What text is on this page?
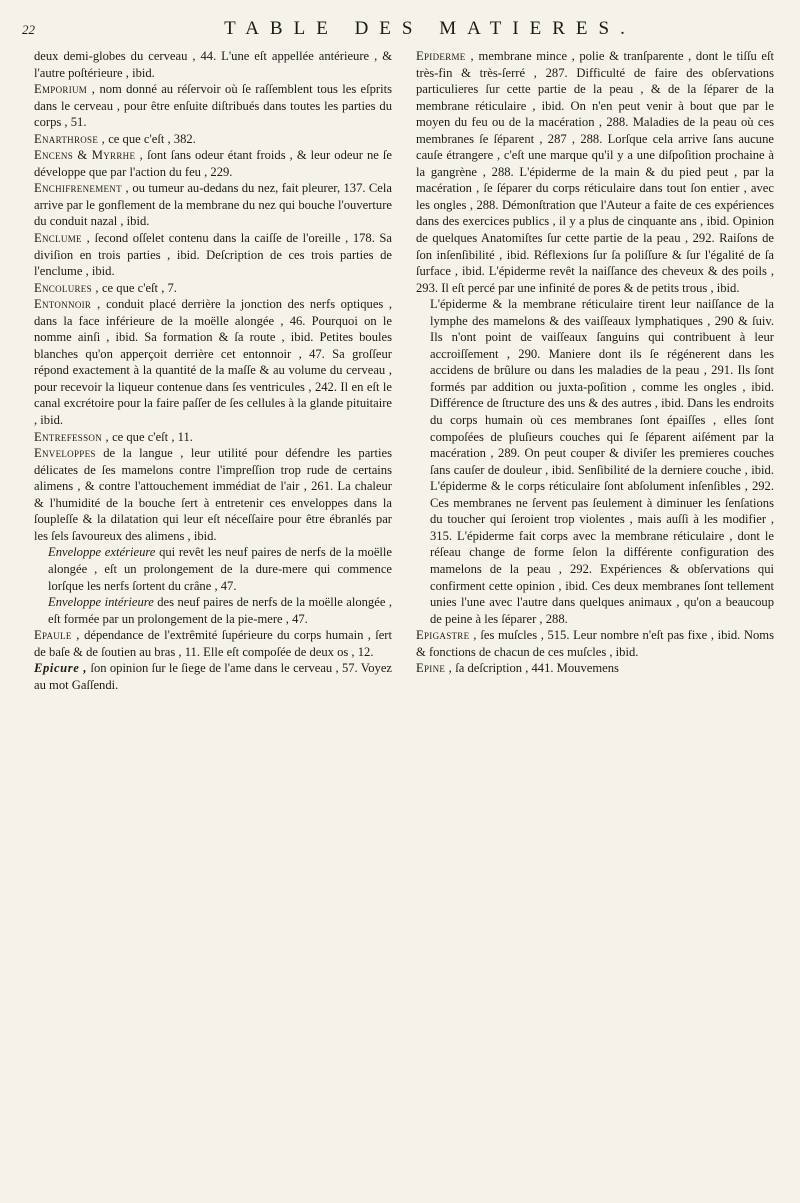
22	TABLE DES MATIERES.

deux demi-globes du cerveau , 44. L'une eſt appellée antérieure , & l'autre poſtérieure , ibid.

Emporium , nom donné au réſervoir où ſe raſſemblent tous les eſprits dans le cerveau , pour être enſuite diſtribués dans toutes les parties du corps , 51.

Enarthrose , ce que c'eſt , 382.

Encens & Myrrhe , ſont ſans odeur étant froids , & leur odeur ne ſe développe que par l'action du feu , 229.

Enchifrenement , ou tumeur au-dedans du nez, fait pleurer, 137. Cela arrive par le gonflement de la membrane du nez qui bouche l'ouverture du conduit nazal , ibid.

Enclume , ſecond oſſelet contenu dans la caiſſe de l'oreille , 178. Sa diviſion en trois parties , ibid. Deſcription de ces trois parties de l'enclume , ibid.

Encolures , ce que c'eſt , 7.

Entonnoir , conduit placé derrière la jonction des nerfs optiques , dans la face inférieure de la moëlle alongée , 46. Pourquoi on le nomme ainſi , ibid. Sa formation & ſa route , ibid. Petites boules blanches qu'on apperçoit derrière cet entonnoir , 47. Sa groſſeur répond exactement à la quantité de la maſſe & au volume du cerveau , pour recevoir la liqueur contenue dans ſes ventricules , 242. Il en eſt le canal excrétoire pour la faire paſſer de ſes cellules à la glande pituitaire , ibid.

Entrefesson , ce que c'eſt , 11.

Enveloppes de la langue , leur utilité pour défendre les parties délicates de ſes mamelons contre l'impreſſion trop rude de certains alimens , & contre l'attouchement immédiat de l'air , 261. La chaleur & l'humidité de la bouche ſert à entretenir ces enveloppes dans la ſoupleſſe & la dilatation qui leur eſt néceſſaire pour être ébranlés par les ſels ſavoureux des alimens , ibid.

Enveloppe extérieure qui revêt les neuf paires de nerfs de la moëlle alongée , eſt un prolongement de la dure-mere qui commence lorſque les nerfs ſortent du crâne , 47.

Enveloppe intérieure des neuf paires de nerfs de la moëlle alongée , eſt formée par un prolongement de la pie-mere , 47.

Epaule , dépendance de l'extrêmité ſupérieure du corps humain , ſert de baſe & de ſoutien au bras , 11. Elle eſt compoſée de deux os , 12.

Epicure , ſon opinion ſur le ſiege de l'ame dans le cerveau , 57. Voyez au mot Gaſſendi.

Epiderme , membrane mince , polie & tranſparente , dont le tiſſu eſt très-fin & très-ſerré , 287. Difficulté de faire des obſervations particulieres ſur cette partie de la peau , & de la ſéparer de la membrane réticulaire , ibid. On n'en peut venir à bout que par le moyen du feu ou de la macération , 288. Maladies de la peau où ces membranes ſe ſéparent , 287 , 288. Lorſque cela arrive ſans aucune cauſe étrangere , c'eſt une marque qu'il y a une diſpoſition prochaine à la gangrène , 288. L'épiderme de la main & du pied peut , par la macération , ſe ſéparer du corps réticulaire dans tout ſon entier , avec les ongles , 288. Démonſtration que l'Auteur a faite de ces expériences dans des exercices publics , il y a plus de cinquante ans , ibid. Opinion de quelques Anatomiſtes ſur cette partie de la peau , 292. Raiſons de ſon inſenſibilité , ibid. Réflexions ſur ſa poliſſure & ſur l'égalité de ſa ſurface , ibid. L'épiderme revêt la naiſſance des cheveux & des poils , 293. Il eſt percé par une infinité de pores & de petits trous , ibid.

L'épiderme & la membrane réticulaire tirent leur naiſſance de la lymphe des mamelons & des vaiſſeaux lymphatiques , 290 & ſuiv. Ils n'ont point de vaiſſeaux ſanguins qui contribuent à leur accroiſſement , 290. Maniere dont ils ſe régénerent dans les accidens de brûlure ou dans les maladies de la peau , 291. Ils ſont formés par addition ou juxta-poſition , comme les ongles , ibid. Différence de ſtructure des uns & des autres , ibid. Dans les endroits du corps humain où ces membranes ſont épaiſſes , elles ſont compoſées de pluſieurs couches qui ſe ſéparent aiſément par la macération , 289. On peut couper & diviſer les premieres couches ſans cauſer de douleur , ibid. Senſibilité de la derniere couche , ibid. L'épiderme & le corps réticulaire ſont abſolument inſenſibles , 292. Ces membranes ne ſervent pas ſeulement à diminuer les ſenſations du toucher qui ſeroient trop violentes , mais auſſi à les modifier , 315. L'épiderme fait corps avec la membrane réticulaire , dont le réſeau change de forme ſelon la différente configuration des mamelons de la peau , 292. Expériences & obſervations qui confirment cette opinion , ibid. Ces deux membranes ſont tellement unies l'une avec l'autre dans quelques animaux , qu'on a beaucoup de peine à les ſéparer , 288.

Epigastre , ſes muſcles , 515. Leur nombre n'eſt pas fixe , ibid. Noms & fonctions de chacun de ces muſcles , ibid.

Epine , ſa deſcription , 441. Mouvemens
